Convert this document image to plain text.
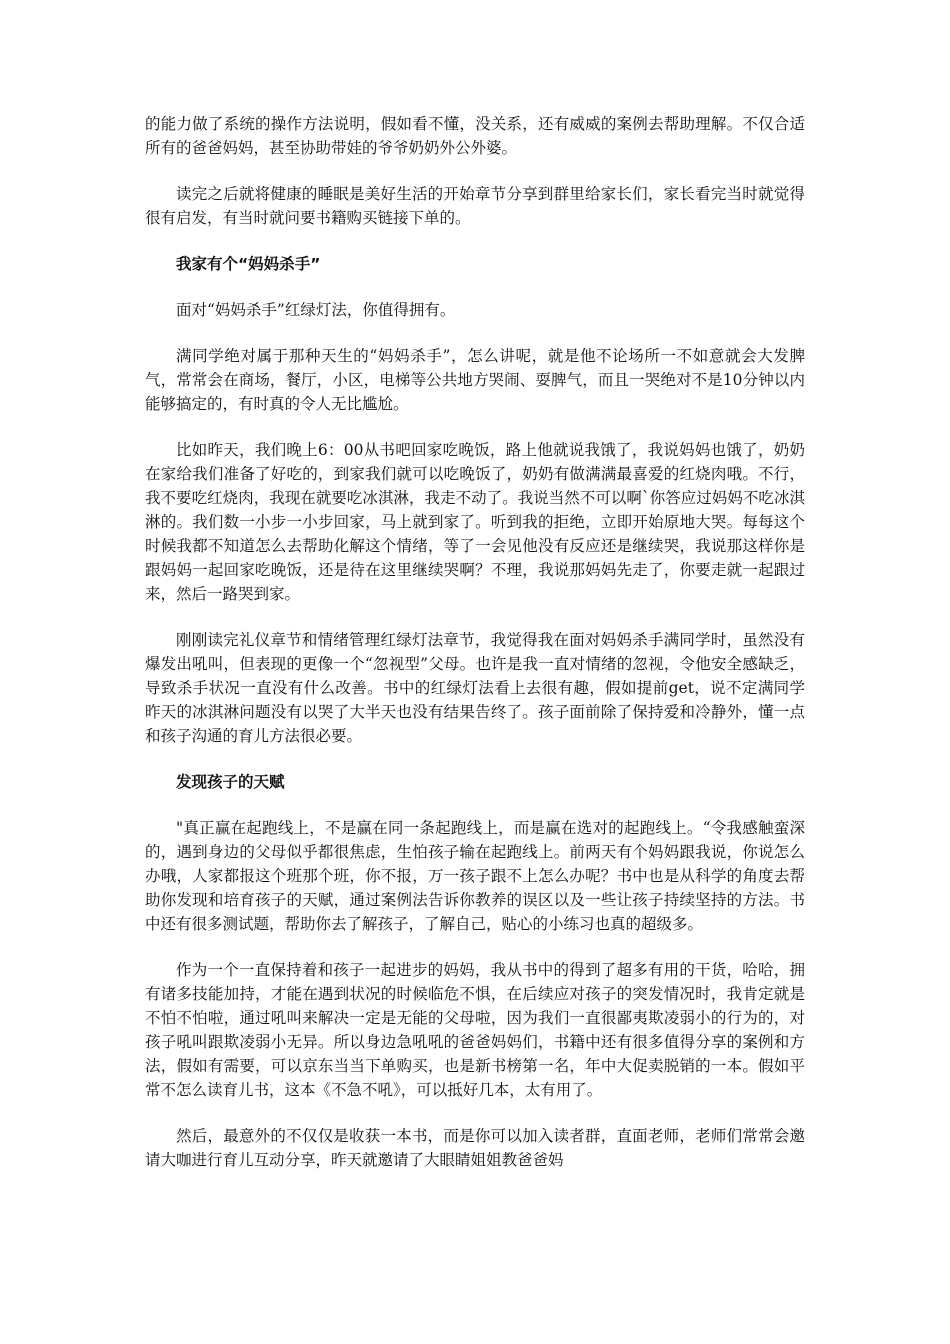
的能力做了系统的操作方法说明，假如看不懂，没关系，还有威威的案例去帮助理解。不仅合适所有的爸爸妈妈，甚至协助带娃的爷爷奶奶外公外婆。

读完之后就将健康的睡眠是美好生活的开始章节分享到群里给家长们，家长看完当时就觉得很有启发，有当时就问要书籍购买链接下单的。

我家有个“妈妈杀手”

面对“妈妈杀手”红绿灯法，你值得拥有。

满同学绝对属于那种天生的“妈妈杀手”，怎么讲呢，就是他不论场所一不如意就会大发脾气，常常会在商场，餐厅，小区，电梯等公共地方哭闹、耍脾气，而且一哭绝对不是10分钟以内能够搞定的，有时真的令人无比尴尬。

比如昨天，我们晚上6：00从书吧回家吃晚饭，路上他就说我饿了，我说妈妈也饿了，奶奶在家给我们准备了好吃的，到家我们就可以吃晚饭了，奶奶有做满满最喜爱的红烧肉哦。不行，我不要吃红烧肉，我现在就要吃冰淇淋，我走不动了。我说当然不可以啊`你答应过妈妈不吃冰淇淋的。我们数一小步一小步回家，马上就到家了。听到我的拒绝，立即开始原地大哭。每每这个时候我都不知道怎么去帮助化解这个情绪，等了一会见他没有反应还是继续哭，我说那这样你是跟妈妈一起回家吃晚饭，还是待在这里继续哭啊？不理，我说那妈妈先走了，你要走就一起跟过来，然后一路哭到家。

刚刚读完礼仪章节和情绪管理红绿灯法章节，我觉得我在面对妈妈杀手满同学时，虽然没有爆发出吼叫，但表现的更像一个“忽视型”父母。也许是我一直对情绪的忽视，令他安全感缺乏，导致杀手状况一直没有什么改善。书中的红绿灯法看上去很有趣，假如提前get，说不定满同学昨天的冰淇淋问题没有以哭了大半天也没有结果告终了。孩子面前除了保持爱和冷静外，懂一点和孩子沟通的育儿方法很必要。

发现孩子的天赋

"真正赢在起跑线上，不是赢在同一条起跑线上，而是赢在选对的起跑线上。“令我感触蛮深的，遇到身边的父母似乎都很焦虑，生怕孩子输在起跑线上。前两天有个妈妈跟我说，你说怎么办哦，人家都报这个班那个班，你不报，万一孩子跟不上怎么办呢？书中也是从科学的角度去帮助你发现和培育孩子的天赋，通过案例法告诉你教养的误区以及一些让孩子持续坚持的方法。书中还有很多测试题，帮助你去了解孩子，了解自己，贴心的小练习也真的超级多。

作为一个一直保持着和孩子一起进步的妈妈，我从书中的得到了超多有用的干货，哈哈，拥有诸多技能加持，才能在遇到状况的时候临危不惧，在后续应对孩子的突发情况时，我肯定就是不怕不怕啦，通过吼叫来解决一定是无能的父母啦，因为我们一直很鄙夷欺凌弱小的行为的，对孩子吼叫跟欺凌弱小无异。所以身边急吼吼的爸爸妈妈们，书籍中还有很多值得分享的案例和方法，假如有需要，可以京东当当下单购买，也是新书榜第一名，年中大促卖脱销的一本。假如平常不怎么读育儿书，这本《不急不吼》，可以抵好几本，太有用了。

然后，最意外的不仅仅是收获一本书，而是你可以加入读者群，直面老师，老师们常常会邀请大咖进行育儿互动分享，昨天就邀请了大眼睛姐姐教爸爸妈
